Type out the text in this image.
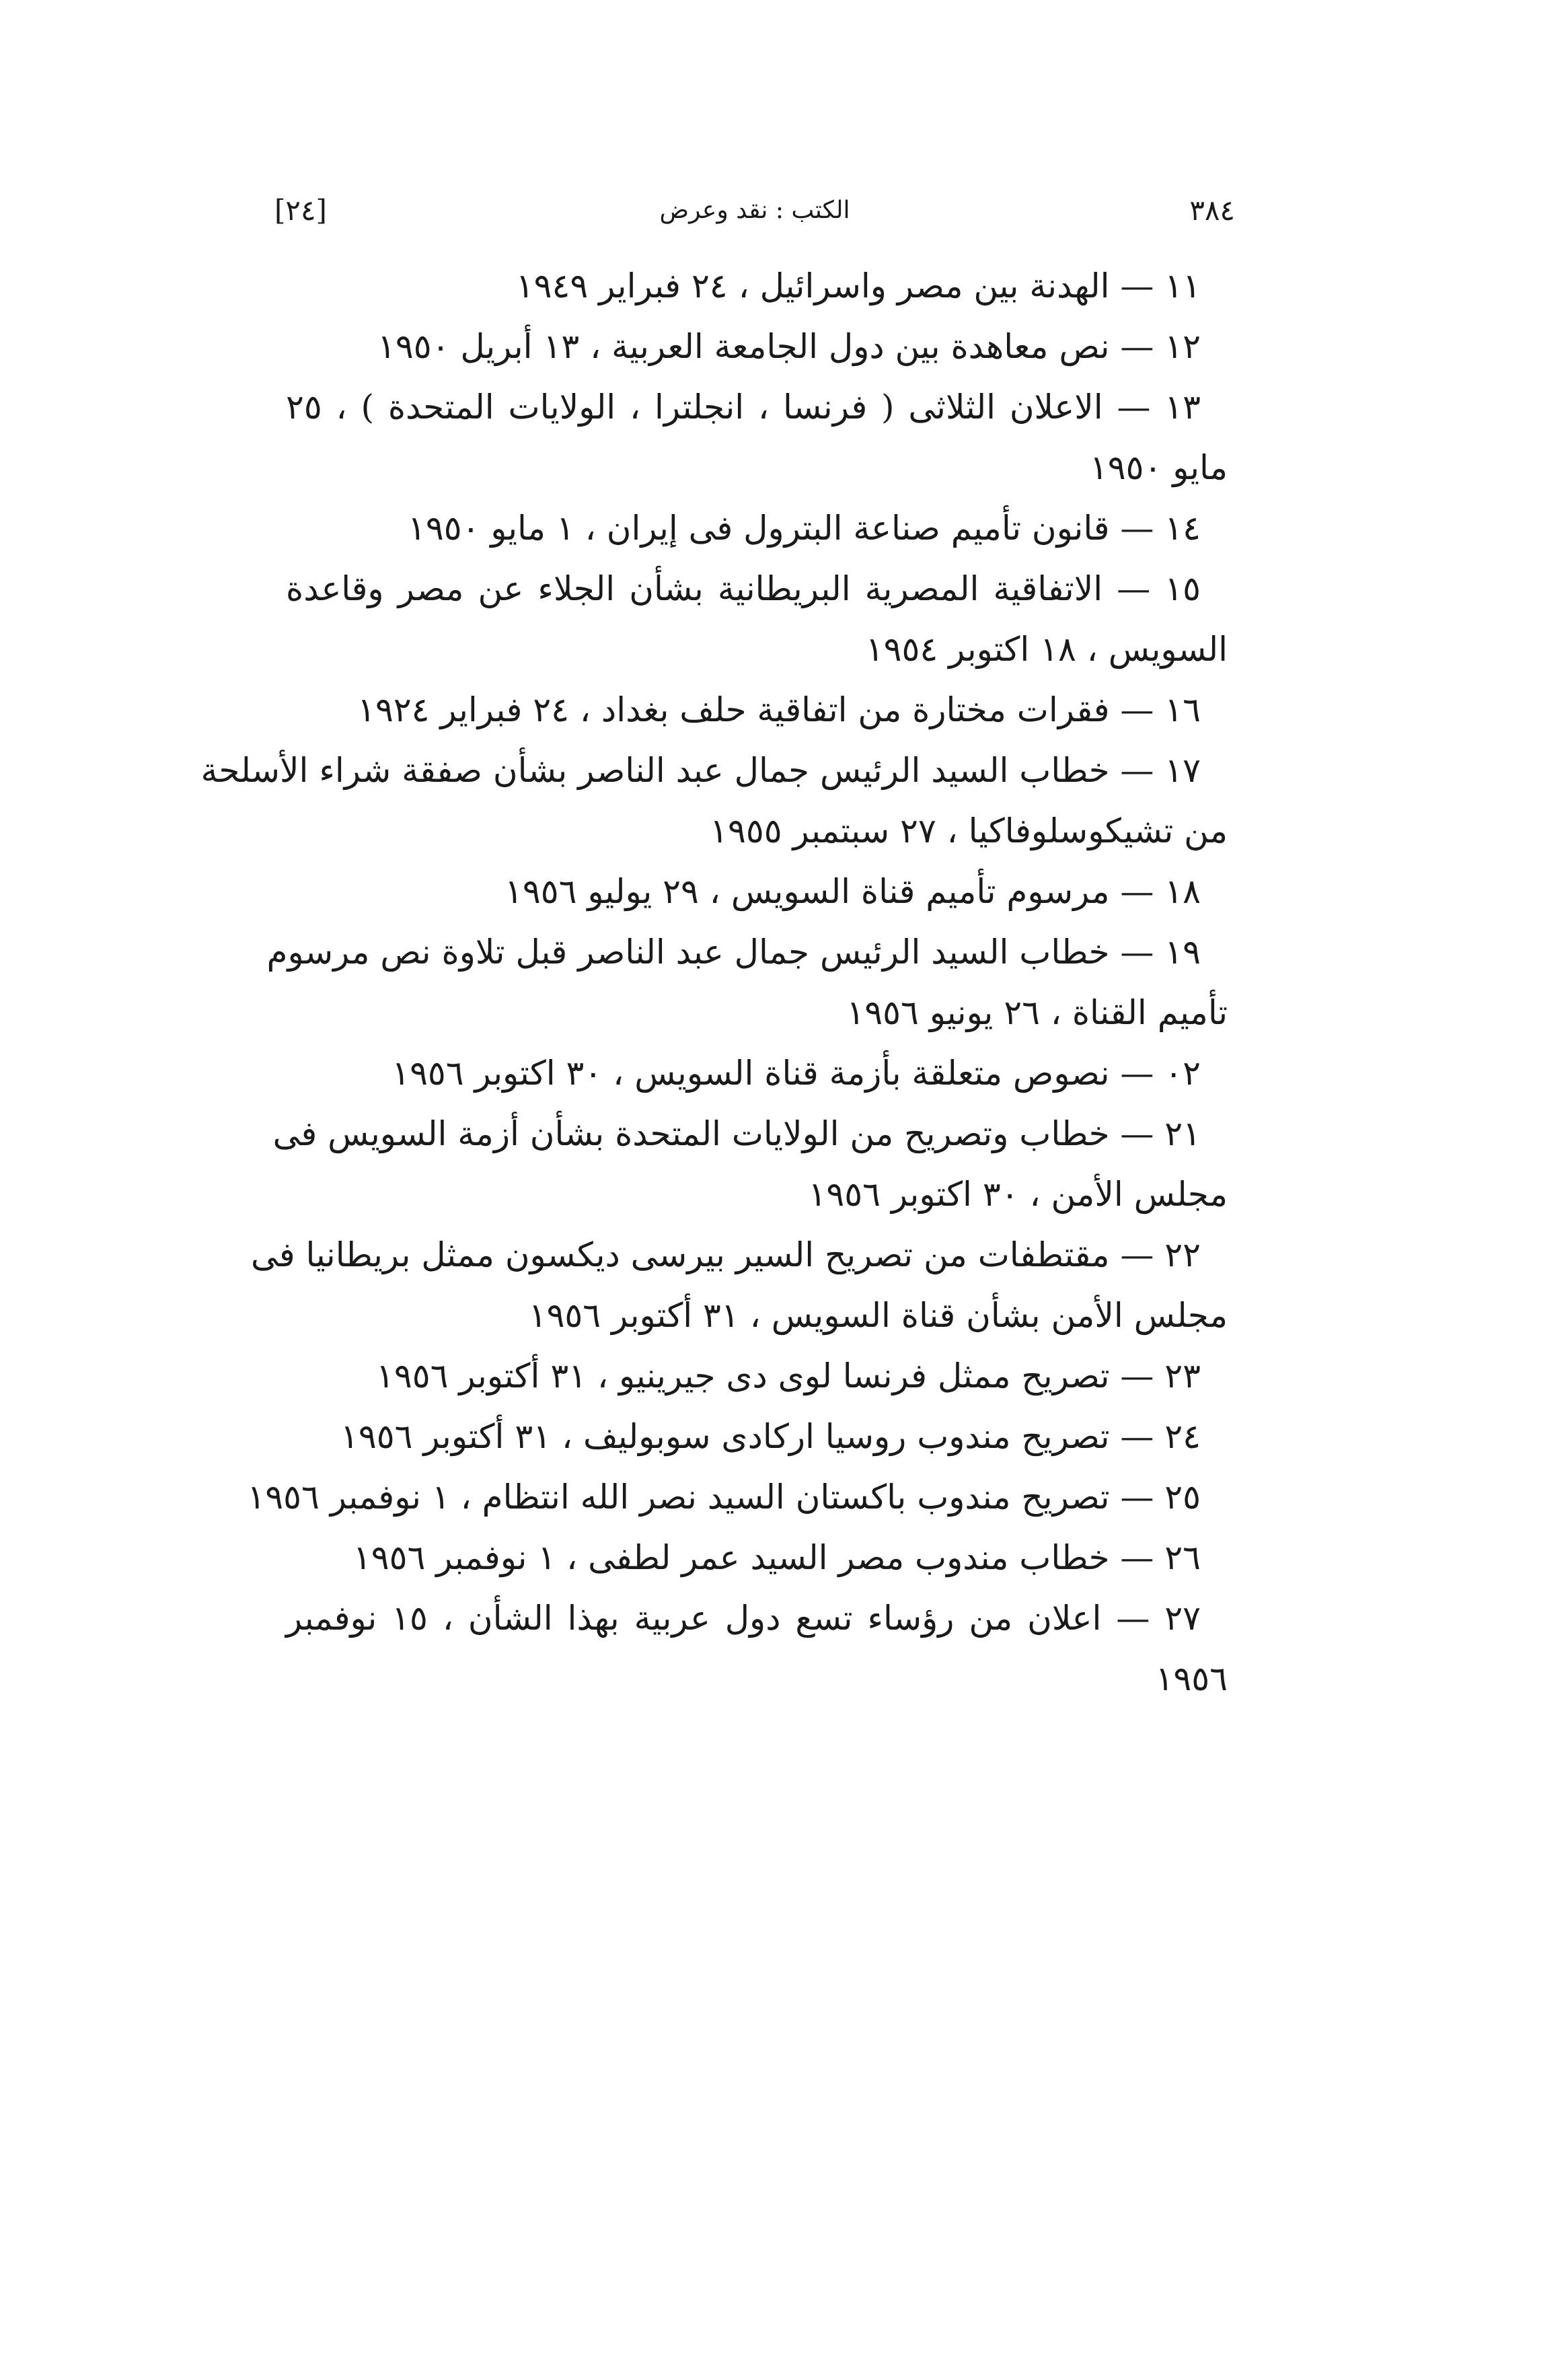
٣٨٤
الكتب : نقد وعرض
[٢٤]
١١ — الهدنة بين مصر واسرائيل ، ٢٤ فبراير ١٩٤٩
١٢ — نص معاهدة بين دول الجامعة العربية ، ١٣ أبريل ١٩٥٠
١٣ — الاعلان الثلاثى ( فرنسا ، انجلترا ، الولايات المتحدة ) ، ٢٥
مايو ١٩٥٠
١٤ — قانون تأميم صناعة البترول فى إيران ، ١ مايو ١٩٥٠
١٥ — الاتفاقية المصرية البريطانية بشأن الجلاء عن مصر وقاعدة
السويس ، ١٨ اكتوبر ١٩٥٤
١٦ — فقرات مختارة من اتفاقية حلف بغداد ، ٢٤ فبراير ١٩٢٤
١٧ — خطاب السيد الرئيس جمال عبد الناصر بشأن صفقة شراء الأسلحة
من تشيكوسلوفاكيا ، ٢٧ سبتمبر ١٩٥٥
١٨ — مرسوم تأميم قناة السويس ، ٢٩ يوليو ١٩٥٦
١٩ — خطاب السيد الرئيس جمال عبد الناصر قبل تلاوة نص مرسوم
تأميم القناة ، ٢٦ يونيو ١٩٥٦
٠٢ — نصوص متعلقة بأزمة قناة السويس ، ٣٠ اكتوبر ١٩٥٦
٢١ — خطاب وتصريح من الولايات المتحدة بشأن أزمة السويس فى
مجلس الأمن ، ٣٠ اكتوبر ١٩٥٦
٢٢ — مقتطفات من تصريح السير بيرسى ديكسون ممثل بريطانيا فى
مجلس الأمن بشأن قناة السويس ، ٣١ أكتوبر ١٩٥٦
٢٣ — تصريح ممثل فرنسا لوى دى جيرينيو ، ٣١ أكتوبر ١٩٥٦
٢٤ — تصريح مندوب روسيا اركادى سوبوليف ، ٣١ أكتوبر ١٩٥٦
٢٥ — تصريح مندوب باكستان السيد نصر الله انتظام ، ١ نوفمبر ١٩٥٦
٢٦ — خطاب مندوب مصر السيد عمر لطفى ، ١ نوفمبر ١٩٥٦
٢٧ — اعلان من رؤساء تسع دول عربية بهذا الشأن ، ١٥ نوفمبر
١٩٥٦
